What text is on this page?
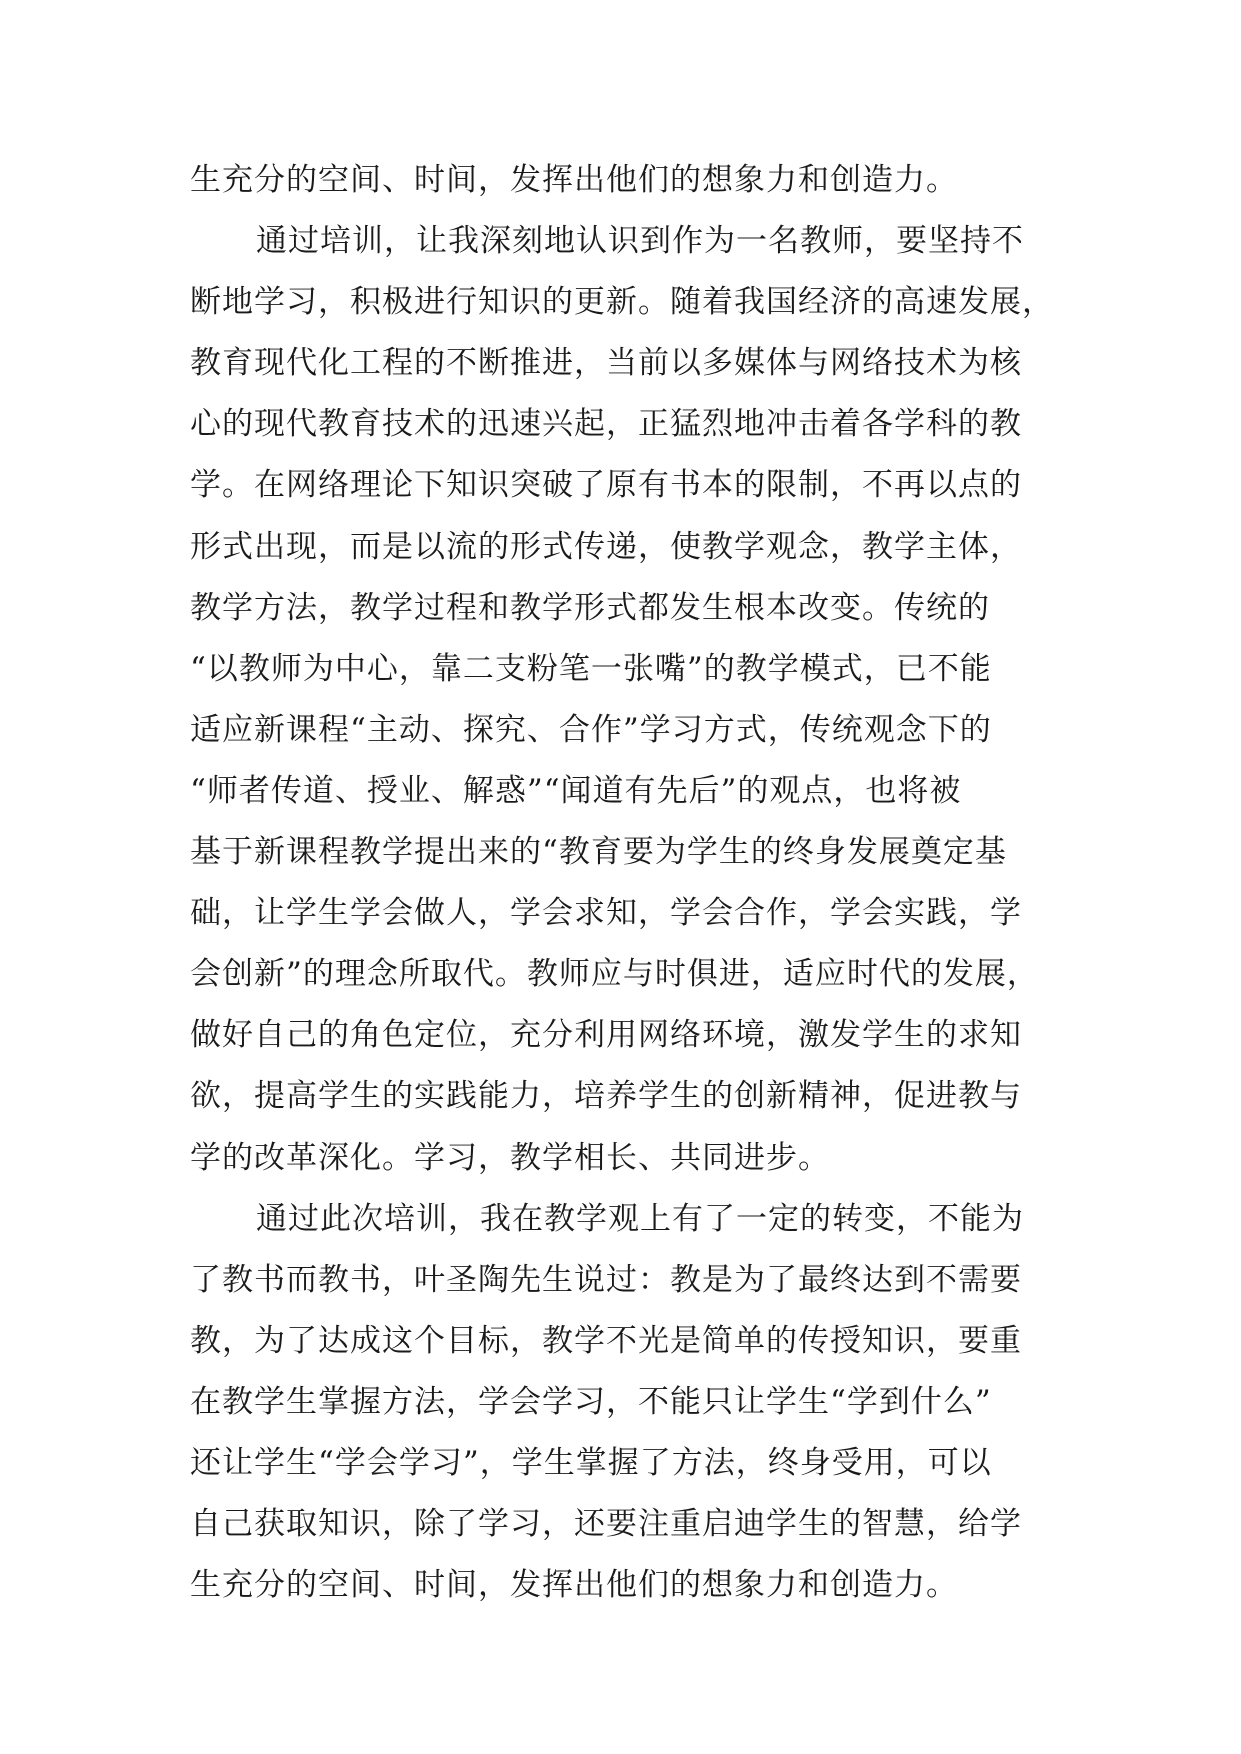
生充分的空间、时间，发挥出他们的想象力和创造力。
通过培训，让我深刻地认识到作为一名教师，要坚持不
断地学习，积极进行知识的更新。随着我国经济的高速发展，
教育现代化工程的不断推进，当前以多媒体与网络技术为核
心的现代教育技术的迅速兴起，正猛烈地冲击着各学科的教
学。在网络理论下知识突破了原有书本的限制，不再以点的
形式出现，而是以流的形式传递，使教学观念，教学主体，
教学方法，教学过程和教学形式都发生根本改变。传统的
“以教师为中心，靠二支粉笔一张嘴”的教学模式，已不能
适应新课程“主动、探究、合作”学习方式，传统观念下的
“师者传道、授业、解惑”“闻道有先后”的观点，也将被
基于新课程教学提出来的“教育要为学生的终身发展奠定基
础，让学生学会做人，学会求知，学会合作，学会实践，学
会创新”的理念所取代。教师应与时俱进，适应时代的发展，
做好自己的角色定位，充分利用网络环境，激发学生的求知
欲，提高学生的实践能力，培养学生的创新精神，促进教与
学的改革深化。学习，教学相长、共同进步。
通过此次培训，我在教学观上有了一定的转变，不能为
了教书而教书，叶圣陶先生说过：教是为了最终达到不需要
教，为了达成这个目标，教学不光是简单的传授知识，要重
在教学生掌握方法，学会学习，不能只让学生“学到什么”
还让学生“学会学习”，学生掌握了方法，终身受用，可以
自己获取知识，除了学习，还要注重启迪学生的智慧，给学
生充分的空间、时间，发挥出他们的想象力和创造力。
